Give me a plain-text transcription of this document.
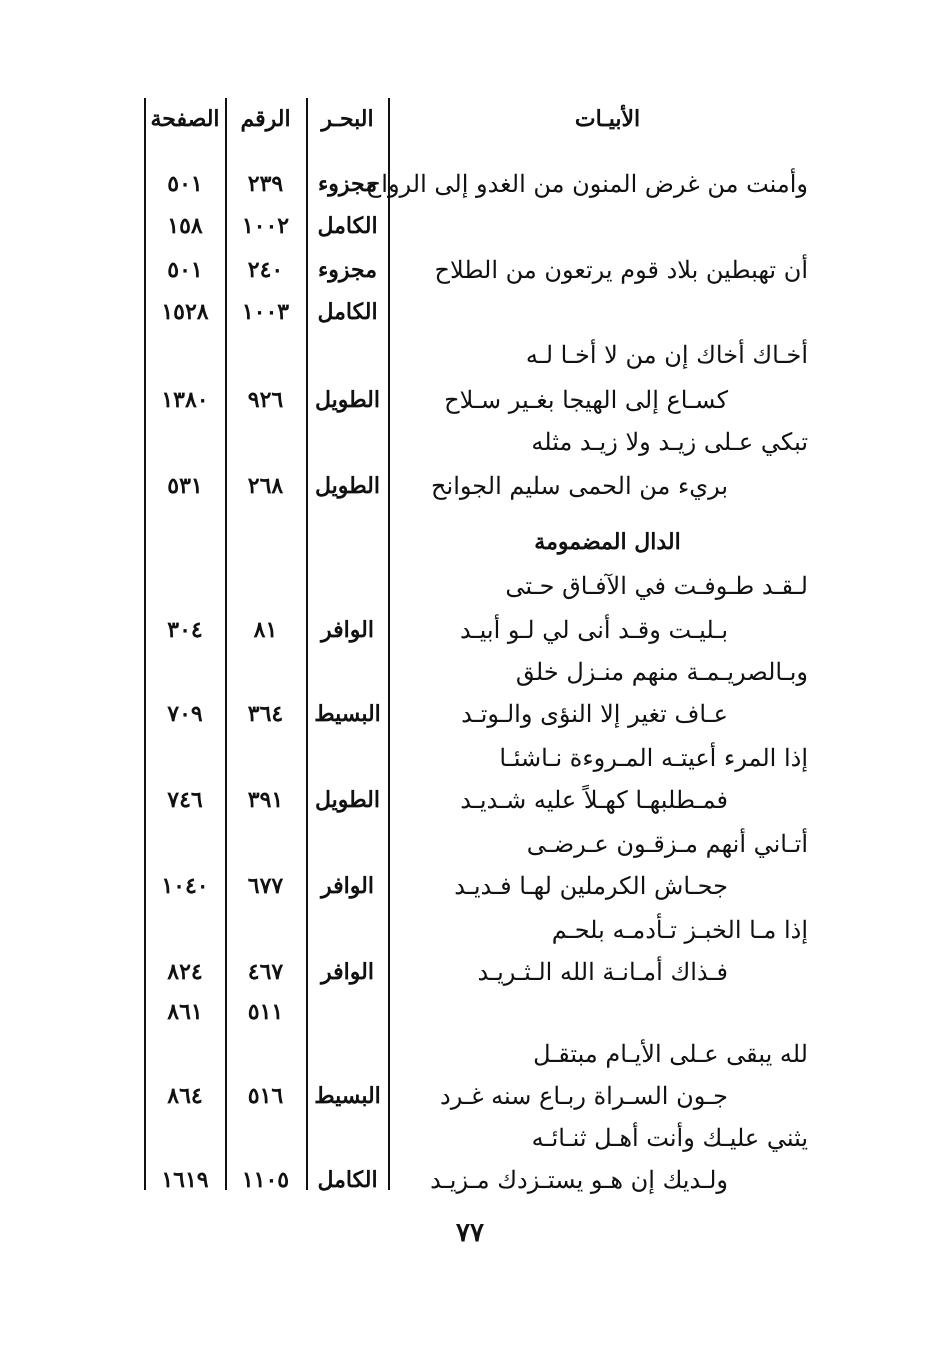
الأبيـات
البحـر
الرقم
الصفحة
وأمنت من غرض المنون من الغدو إلى الرواح
مجزوء
٢٣٩
٥٠١
الكامل
١٠٠٢
١٥٨
أن تهبطين بلاد قوم يرتعون من الطلاح
مجزوء
٢٤٠
٥٠١
الكامل
١٠٠٣
١٥٢٨
أخـاك أخاك إن من لا أخـا لـه
كسـاع إلى الهيجا بغـير سـلاح
الطويل
٩٢٦
١٣٨٠
تبكي عـلى زيـد ولا زيـد مثله
بريء من الحمى سليم الجوانح
الطويل
٢٦٨
٥٣١
الدال المضمومة
لـقـد طـوفـت في الآفـاق حـتى
بـليـت وقـد أنى لي لـو أبيـد
الوافر
٨١
٣٠٤
وبـالصريـمـة منهم منـزل خلق
عـاف تغير إلا النؤى والـوتـد
البسيط
٣٦٤
٧٠٩
إذا المرء أعيتـه المـروءة نـاشئـا
فمـطلبهـا كهـلاً عليه شـديـد
الطويل
٣٩١
٧٤٦
أتـاني أنهم مـزقـون عـرضـى
جحـاش الكرملين لهـا فـديـد
الوافر
٦٧٧
١٠٤٠
إذا مـا الخبـز تـأدمـه بلحـم
فـذاك أمـانـة الله الـثـريـد
الوافر
٤٦٧
٨٢٤
٥١١
٨٦١
لله يبقى عـلى الأيـام مبتقـل
جـون السـراة ربـاع سنه غـرد
البسيط
٥١٦
٨٦٤
يثني عليـك وأنت أهـل ثنـائـه
ولـديك إن هـو يستـزدك مـزيـد
الكامل
١١٠٥
١٦١٩
٧٧
